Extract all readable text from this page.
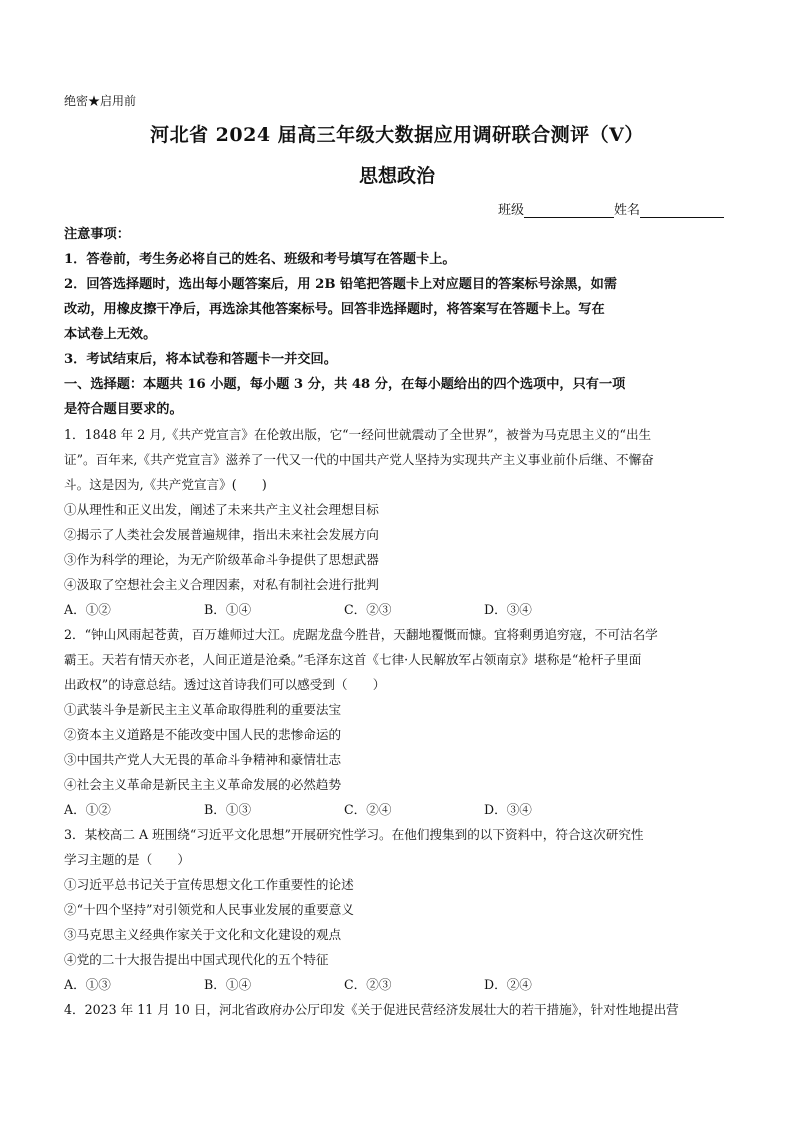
绝密★启用前
河北省 2024 届高三年级大数据应用调研联合测评（Ⅴ）
思想政治
班级	姓名
注意事项：
1．答卷前，考生务必将自己的姓名、班级和考号填写在答题卡上。
2．回答选择题时，选出每小题答案后，用 2B 铅笔把答题卡上对应题目的答案标号涂黑，如需
改动，用橡皮擦干净后，再选涂其他答案标号。回答非选择题时，将答案写在答题卡上。写在
本试卷上无效。
3．考试结束后，将本试卷和答题卡一并交回。
一、选择题：本题共 16 小题，每小题 3 分，共 48 分，在每小题给出的四个选项中，只有一项
是符合题目要求的。
1．1848 年 2 月,《共产党宣言》在伦敦出版，它“一经问世就震动了全世界”，被誉为马克思主义的“出生
证”。百年来,《共产党宣言》滋养了一代又一代的中国共产党人坚持为实现共产主义事业前仆后继、不懈奋
斗。这是因为,《共产党宣言》(　　)
①从理性和正义出发，阐述了未来共产主义社会理想目标
②揭示了人类社会发展普遍规律，指出未来社会发展方向
③作为科学的理论，为无产阶级革命斗争提供了思想武器
④汲取了空想社会主义合理因素，对私有制社会进行批判
A．①②	B．①④	C．②③	D．③④
2．“钟山风雨起苍黄，百万雄师过大江。虎踞龙盘今胜昔，天翻地覆慨而慷。宜将剩勇追穷寇，不可沽名学
霸王。天若有情天亦老，人间正道是沧桑。”毛泽东这首《七律·人民解放军占领南京》堪称是“枪杆子里面
出政权”的诗意总结。透过这首诗我们可以感受到（　　）
①武装斗争是新民主主义革命取得胜利的重要法宝
②资本主义道路是不能改变中国人民的悲惨命运的
③中国共产党人大无畏的革命斗争精神和豪情壮志
④社会主义革命是新民主主义革命发展的必然趋势
A．①②	B．①③	C．②④	D．③④
3．某校高二 A 班围绕“习近平文化思想”开展研究性学习。在他们搜集到的以下资料中，符合这次研究性
学习主题的是（　　）
①习近平总书记关于宣传思想文化工作重要性的论述
②“十四个坚持”对引领党和人民事业发展的重要意义
③马克思主义经典作家关于文化和文化建设的观点
④党的二十大报告提出中国式现代化的五个特征
A．①③	B．①④	C．②③	D．②④
4．2023 年 11 月 10 日，河北省政府办公厅印发《关于促进民营经济发展壮大的若干措施》，针对性地提出营
